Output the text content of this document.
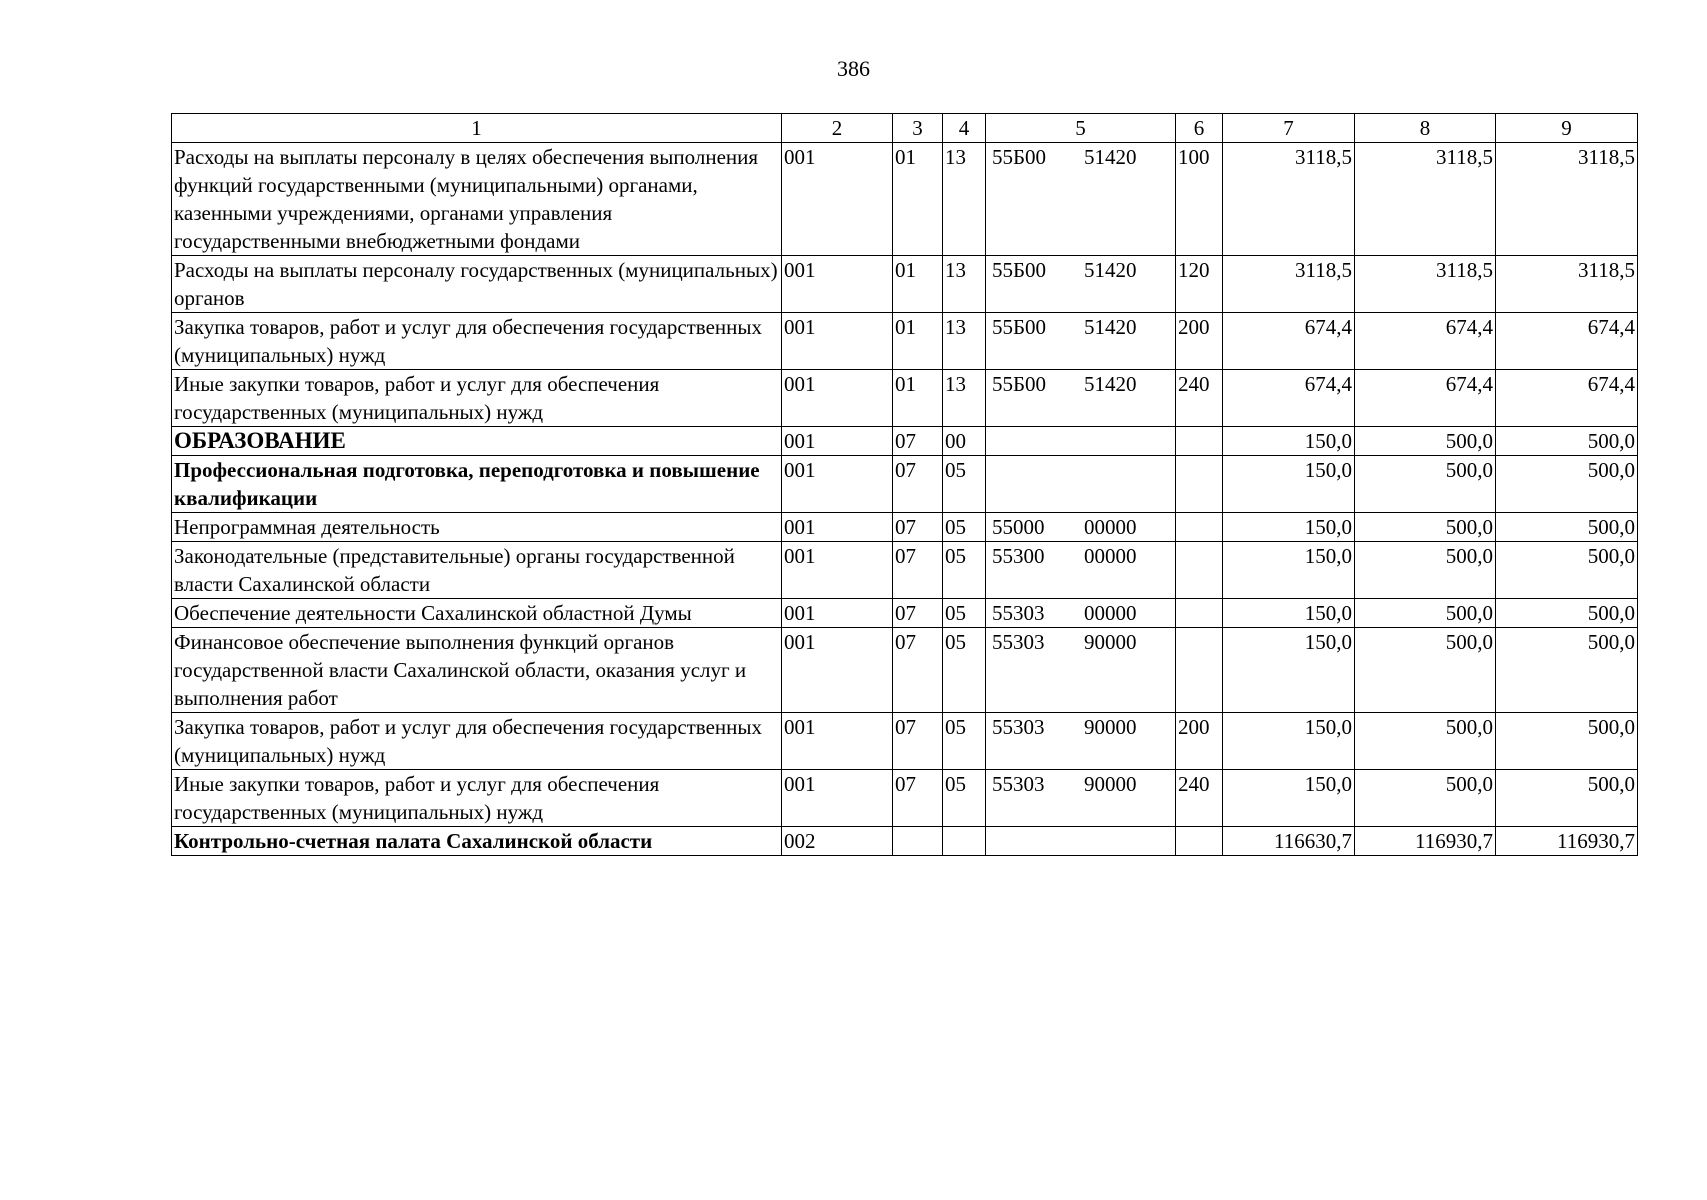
386
1	2	3	4	5	6	7	8	9
Расходы на выплаты персоналу в целях обеспечения выполнения функций государственными (муниципальными) органами, казенными учреждениями, органами управления государственными внебюджетными фондами	001	01	13	55Б00 51420	100	3118,5	3118,5	3118,5
Расходы на выплаты персоналу государственных (муниципальных) органов	001	01	13	55Б00 51420	120	3118,5	3118,5	3118,5
Закупка товаров, работ и услуг для обеспечения государственных (муниципальных) нужд	001	01	13	55Б00 51420	200	674,4	674,4	674,4
Иные закупки товаров, работ и услуг для обеспечения государственных (муниципальных) нужд	001	01	13	55Б00 51420	240	674,4	674,4	674,4
ОБРАЗОВАНИЕ	001	07	00			150,0	500,0	500,0
Профессиональная подготовка, переподготовка и повышение квалификации	001	07	05			150,0	500,0	500,0
Непрограммная деятельность	001	07	05	55000 00000		150,0	500,0	500,0
Законодательные (представительные) органы государственной власти Сахалинской области	001	07	05	55300 00000		150,0	500,0	500,0
Обеспечение деятельности Сахалинской областной Думы	001	07	05	55303 00000		150,0	500,0	500,0
Финансовое обеспечение выполнения функций органов государственной власти Сахалинской области, оказания услуг и выполнения работ	001	07	05	55303 90000		150,0	500,0	500,0
Закупка товаров, работ и услуг для обеспечения государственных (муниципальных) нужд	001	07	05	55303 90000	200	150,0	500,0	500,0
Иные закупки товаров, работ и услуг для обеспечения государственных (муниципальных) нужд	001	07	05	55303 90000	240	150,0	500,0	500,0
Контрольно-счетная палата Сахалинской области	002					116630,7	116930,7	116930,7
